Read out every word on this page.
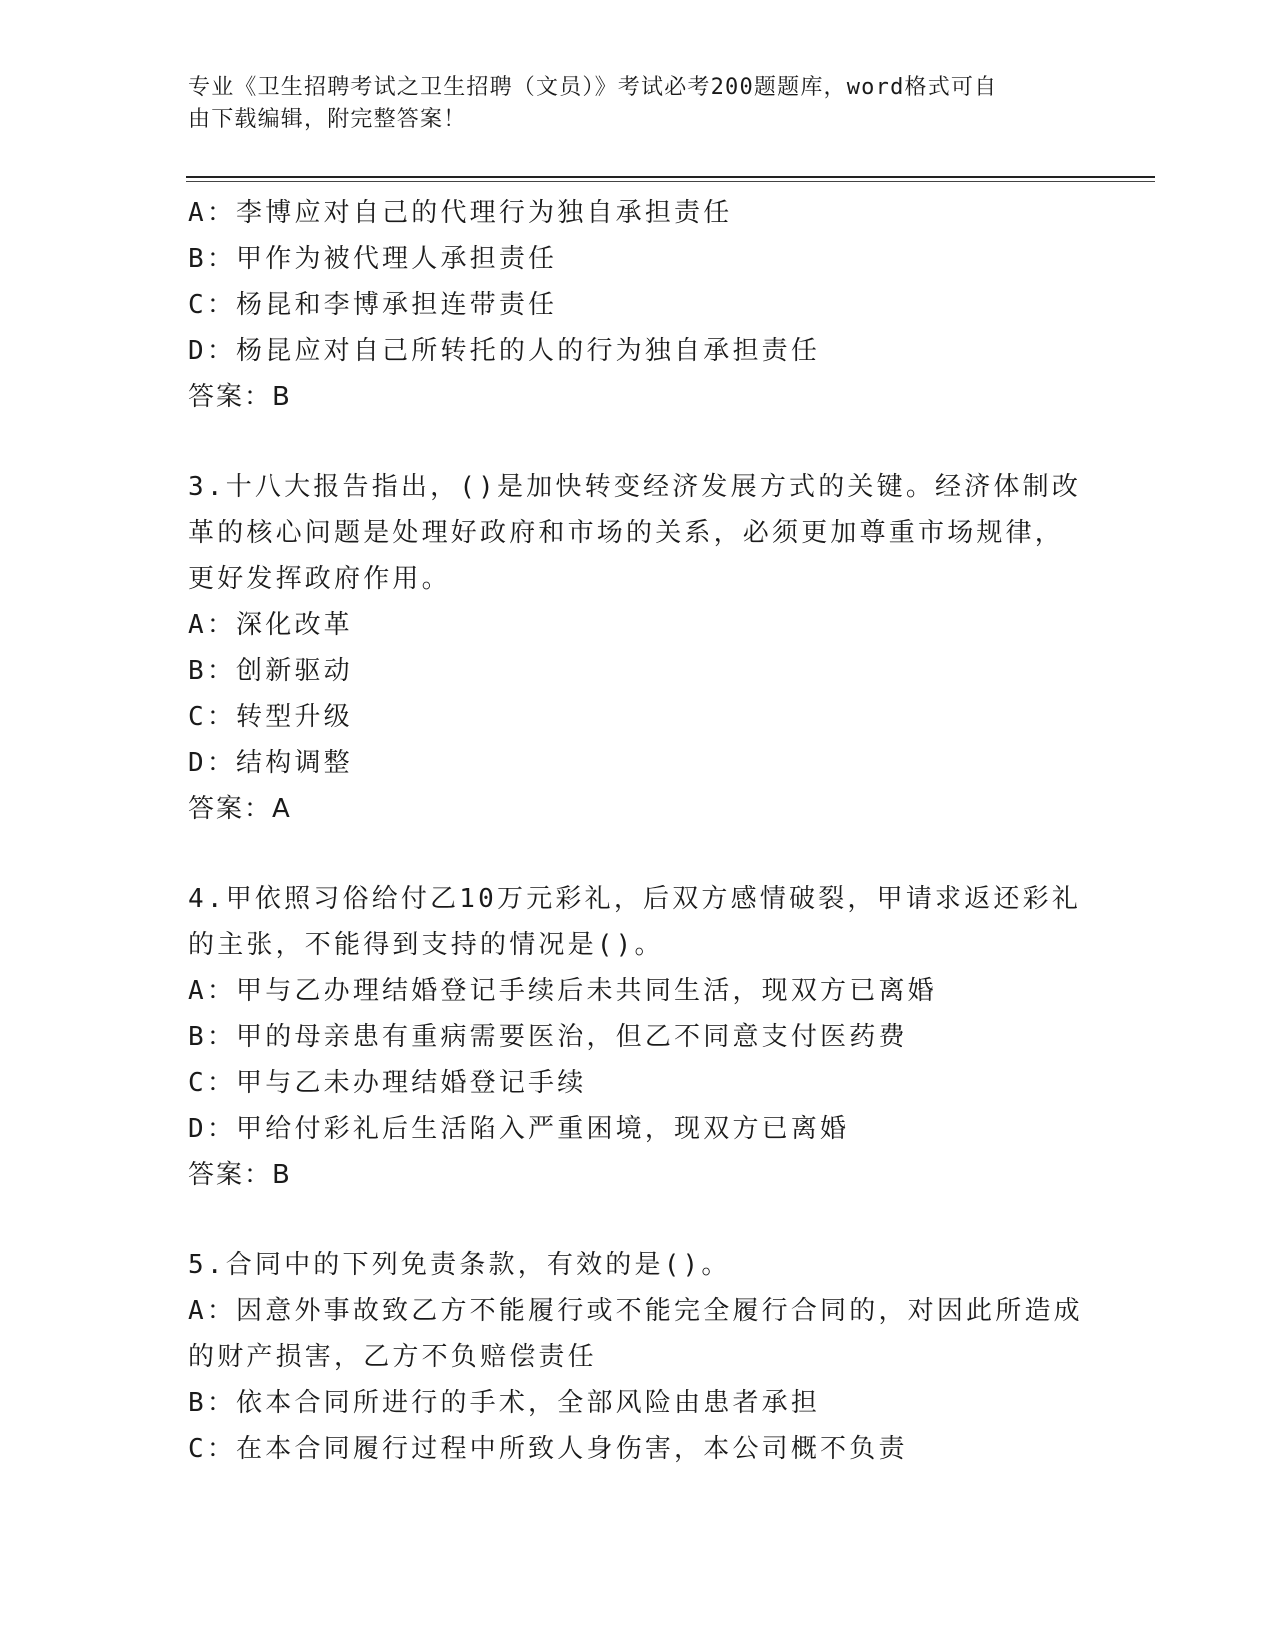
专业《卫生招聘考试之卫生招聘（文员）》考试必考200题题库，word格式可自
由下载编辑，附完整答案！
A：李博应对自己的代理行为独自承担责任
B：甲作为被代理人承担责任
C：杨昆和李博承担连带责任
D：杨昆应对自己所转托的人的行为独自承担责任
答案：B
3.十八大报告指出，()是加快转变经济发展方式的关键。经济体制改
革的核心问题是处理好政府和市场的关系，必须更加尊重市场规律，
更好发挥政府作用。
A：深化改革
B：创新驱动
C：转型升级
D：结构调整
答案：A
4.甲依照习俗给付乙10万元彩礼，后双方感情破裂，甲请求返还彩礼
的主张，不能得到支持的情况是()。
A：甲与乙办理结婚登记手续后未共同生活，现双方已离婚
B：甲的母亲患有重病需要医治，但乙不同意支付医药费
C：甲与乙未办理结婚登记手续
D：甲给付彩礼后生活陷入严重困境，现双方已离婚
答案：B
5.合同中的下列免责条款，有效的是()。
A：因意外事故致乙方不能履行或不能完全履行合同的，对因此所造成
的财产损害，乙方不负赔偿责任
B：依本合同所进行的手术，全部风险由患者承担
C：在本合同履行过程中所致人身伤害，本公司概不负责
